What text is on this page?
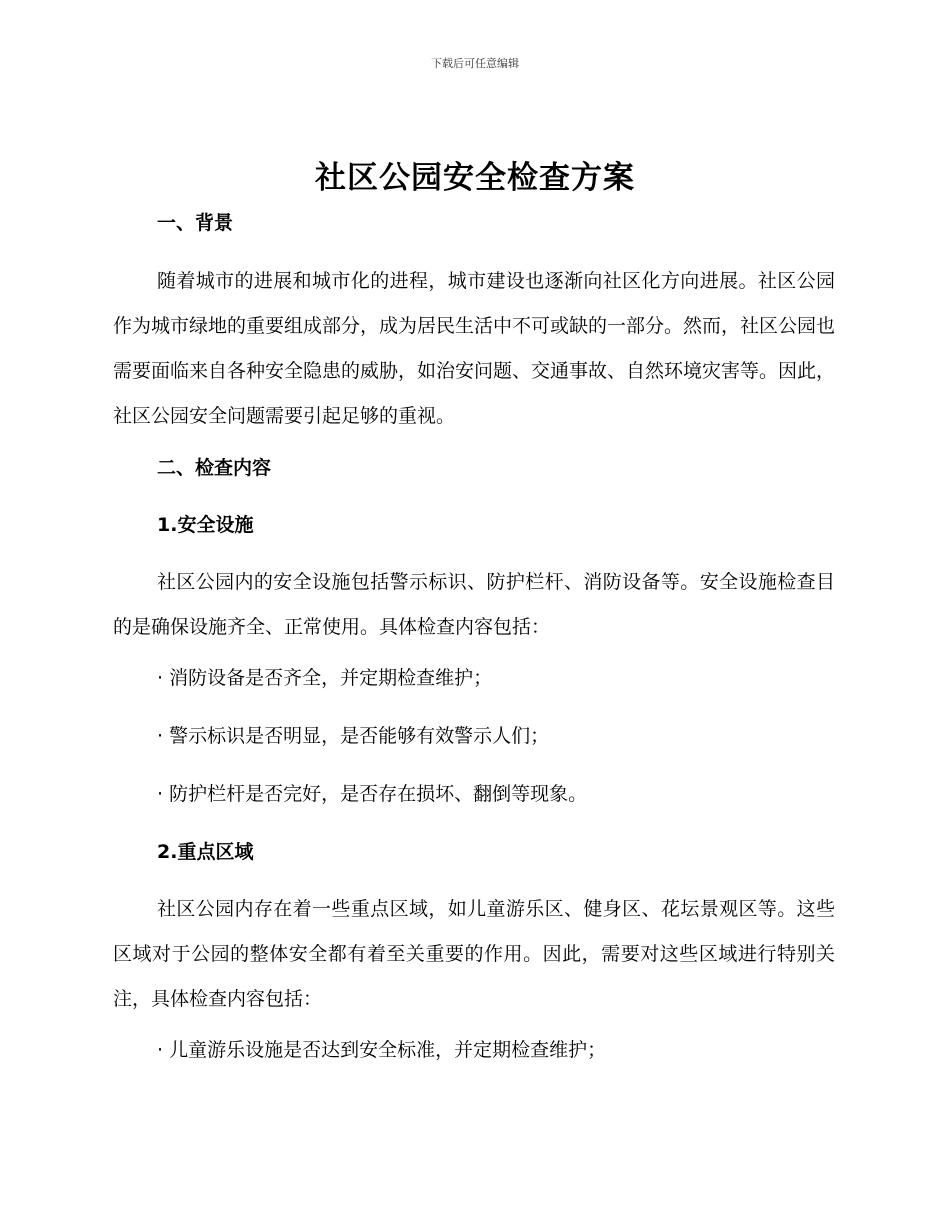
下载后可任意编辑
社区公园安全检查方案
一、背景

随着城市的进展和城市化的进程，城市建设也逐渐向社区化方向进展。社区公园作为城市绿地的重要组成部分，成为居民生活中不可或缺的一部分。然而，社区公园也需要面临来自各种安全隐患的威胁，如治安问题、交通事故、自然环境灾害等。因此，社区公园安全问题需要引起足够的重视。

二、检查内容
1.安全设施

社区公园内的安全设施包括警示标识、防护栏杆、消防设备等。安全设施检查目的是确保设施齐全、正常使用。具体检查内容包括：

· 消防设备是否齐全，并定期检查维护；
· 警示标识是否明显，是否能够有效警示人们；
· 防护栏杆是否完好，是否存在损坏、翻倒等现象。
2.重点区域

社区公园内存在着一些重点区域，如儿童游乐区、健身区、花坛景观区等。这些区域对于公园的整体安全都有着至关重要的作用。因此，需要对这些区域进行特别关注，具体检查内容包括：

· 儿童游乐设施是否达到安全标准，并定期检查维护；
